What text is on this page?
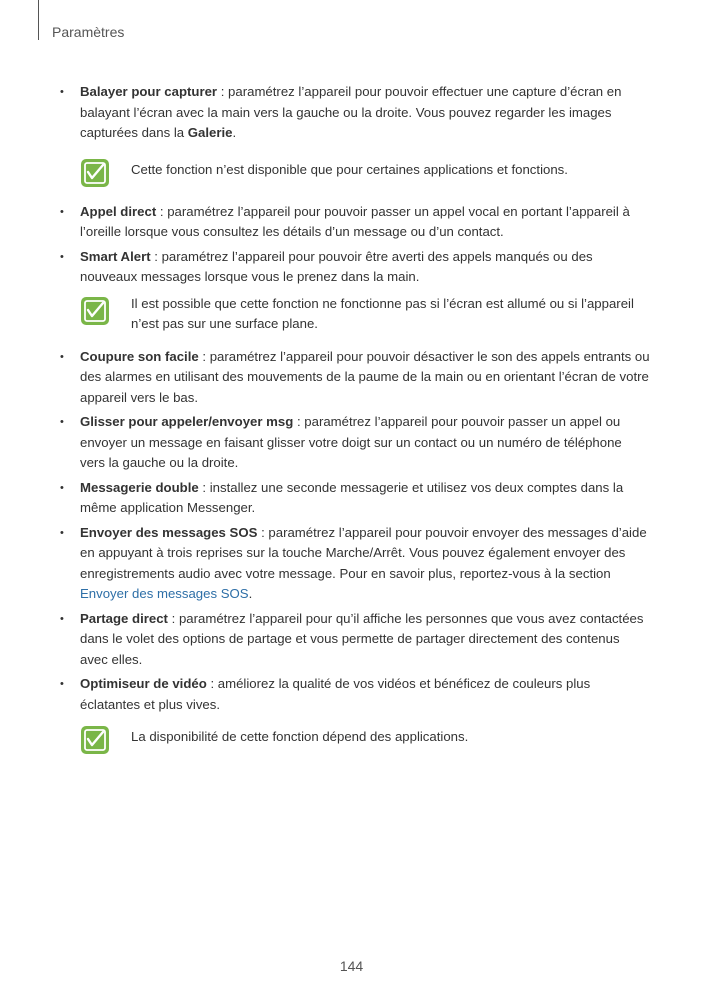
Paramètres
• Balayer pour capturer : paramétrez l’appareil pour pouvoir effectuer une capture d’écran en balayant l’écran avec la main vers la gauche ou la droite. Vous pouvez regarder les images capturées dans la Galerie.
Cette fonction n’est disponible que pour certaines applications et fonctions.
• Appel direct : paramétrez l’appareil pour pouvoir passer un appel vocal en portant l’appareil à l’oreille lorsque vous consultez les détails d’un message ou d’un contact.
• Smart Alert : paramétrez l’appareil pour pouvoir être averti des appels manqués ou des nouveaux messages lorsque vous le prenez dans la main.
Il est possible que cette fonction ne fonctionne pas si l’écran est allumé ou si l’appareil n’est pas sur une surface plane.
• Coupure son facile : paramétrez l’appareil pour pouvoir désactiver le son des appels entrants ou des alarmes en utilisant des mouvements de la paume de la main ou en orientant l’écran de votre appareil vers le bas.
• Glisser pour appeler/envoyer msg : paramétrez l’appareil pour pouvoir passer un appel ou envoyer un message en faisant glisser votre doigt sur un contact ou un numéro de téléphone vers la gauche ou la droite.
• Messagerie double : installez une seconde messagerie et utilisez vos deux comptes dans la même application Messenger.
• Envoyer des messages SOS : paramétrez l’appareil pour pouvoir envoyer des messages d’aide en appuyant à trois reprises sur la touche Marche/Arrêt. Vous pouvez également envoyer des enregistrements audio avec votre message. Pour en savoir plus, reportez-vous à la section Envoyer des messages SOS.
• Partage direct : paramétrez l’appareil pour qu’il affiche les personnes que vous avez contactées dans le volet des options de partage et vous permette de partager directement des contenus avec elles.
• Optimiseur de vidéo : améliorez la qualité de vos vidéos et bénéficez de couleurs plus éclatantes et plus vives.
La disponibilité de cette fonction dépend des applications.
144
